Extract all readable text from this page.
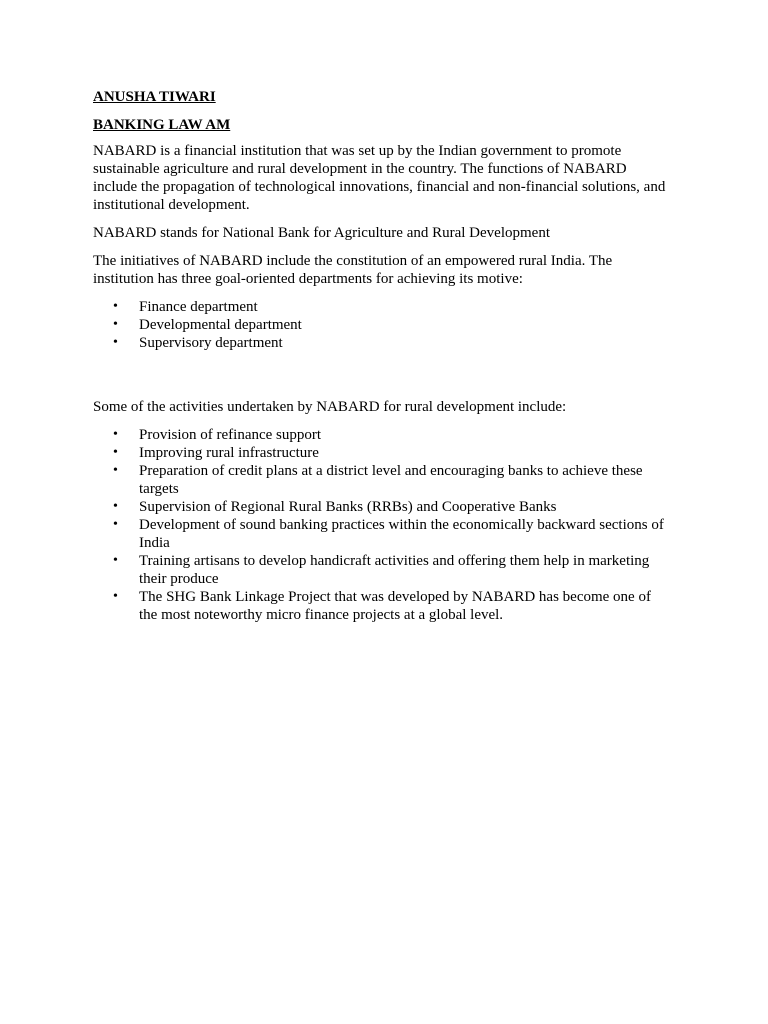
ANUSHA TIWARI

BANKING LAW AM

NABARD is a financial institution that was set up by the Indian government to promote sustainable agriculture and rural development in the country. The functions of NABARD include the propagation of technological innovations, financial and non-financial solutions, and institutional development.

NABARD stands for National Bank for Agriculture and Rural Development

The initiatives of NABARD include the constitution of an empowered rural India. The institution has three goal-oriented departments for achieving its motive:

• Finance department
• Developmental department
• Supervisory department

Some of the activities undertaken by NABARD for rural development include:

• Provision of refinance support
• Improving rural infrastructure
• Preparation of credit plans at a district level and encouraging banks to achieve these targets
• Supervision of Regional Rural Banks (RRBs) and Cooperative Banks
• Development of sound banking practices within the economically backward sections of India
• Training artisans to develop handicraft activities and offering them help in marketing their produce
• The SHG Bank Linkage Project that was developed by NABARD has become one of the most noteworthy micro finance projects at a global level.
